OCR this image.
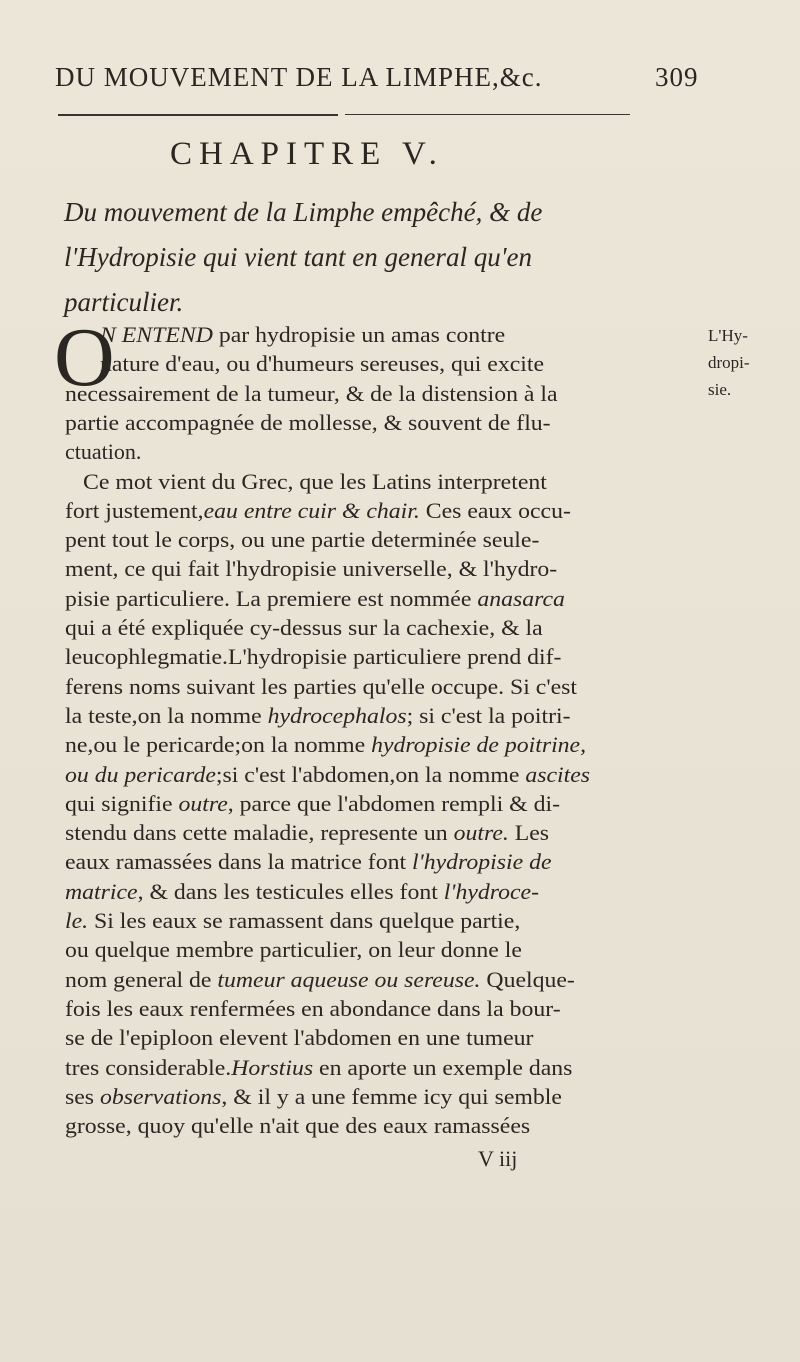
DU MOUVEMENT DE LA LIMPHE,&c.	309
CHAPITRE V.
Du mouvement de la Limphe empêché, & de
l'Hydropisie qui vient tant en general qu'en
particulier.
O	L'Hy-
dropi-
sie.
N ENTEND par hydropisie un amas contre
nature d'eau, ou d'humeurs sereuses, qui excite
necessairement de la tumeur, & de la distension à la
partie accompagnée de mollesse, & souvent de flu-
ctuation.
Ce mot vient du Grec, que les Latins interpretent
fort justement,eau entre cuir & chair. Ces eaux occu-
pent tout le corps, ou une partie determinée seule-
ment, ce qui fait l'hydropisie universelle, & l'hydro-
pisie particuliere. La premiere est nommée anasarca
qui a été expliquée cy-dessus sur la cachexie, & la
leucophlegmatie.L'hydropisie particuliere prend dif-
ferens noms suivant les parties qu'elle occupe. Si c'est
la teste,on la nomme hydrocephalos; si c'est la poitri-
ne,ou le pericarde;on la nomme hydropisie de poitrine,
ou du pericarde;si c'est l'abdomen,on la nomme ascites
qui signifie outre, parce que l'abdomen rempli & di-
stendu dans cette maladie, represente un outre. Les
eaux ramassées dans la matrice font l'hydropisie de
matrice, & dans les testicules elles font l'hydroce-
le. Si les eaux se ramassent dans quelque partie,
ou quelque membre particulier, on leur donne le
nom general de tumeur aqueuse ou sereuse. Quelque-
fois les eaux renfermées en abondance dans la bour-
se de l'epiploon elevent l'abdomen en une tumeur
tres considerable.Horstius en aporte un exemple dans
ses observations, & il y a une femme icy qui semble
grosse, quoy qu'elle n'ait que des eaux ramassées
V iij
